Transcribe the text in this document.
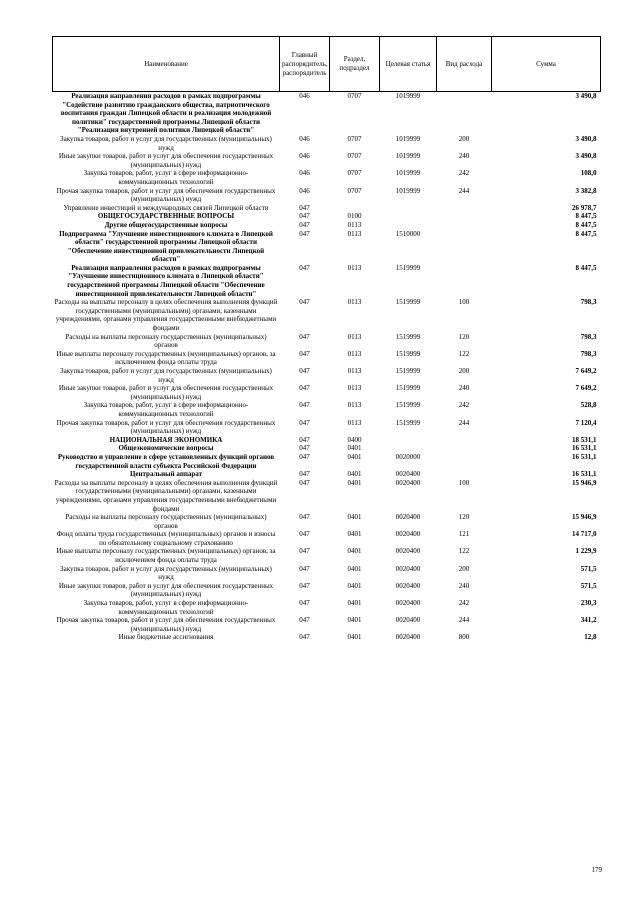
Наименование	Главный распорядитель, распорядитель	Раздел, подраздел	Целевая статья	Вид расхода	Сумма
Реализация направления расходов в рамках подпрограммы "Содействие развитию гражданского общества, патриотического воспитания граждан Липецкой области и реализация молодежной политики" государственной программы Липецкой области "Реализация внутренней политики Липецкой области"	046	0707	1019999		3 490,8
Закупка товаров, работ и услуг для государственных (муниципальных) нужд	046	0707	1019999	200	3 490,8
Иные закупки товаров, работ и услуг для обеспечения государственных (муниципальных) нужд	046	0707	1019999	240	3 490,8
Закупка товаров, работ, услуг в сфере информационно-коммуникационных технологий	046	0707	1019999	242	108,0
Прочая закупка товаров, работ и услуг для обеспечения государственных (муниципальных) нужд	046	0707	1019999	244	3 382,8
Управление инвестиций и международных связей Липецкой области	047				26 978,7
ОБЩЕГОСУДАРСТВЕННЫЕ ВОПРОСЫ	047	0100			8 447,5
Другие общегосударственные вопросы	047	0113			8 447,5
Подпрограмма "Улучшение инвестиционного климата в Липецкой области" государственной программы Липецкой области "Обеспечение инвестиционной привлекательности Липецкой области"	047	0113	1510000		8 447,5
Реализация направления расходов в рамках подпрограммы "Улучшение инвестиционного климата в Липецкой области" государственной программы Липецкой области "Обеспечение инвестиционной привлекательности Липецкой области"	047	0113	1519999		8 447,5
Расходы на выплаты персоналу в целях обеспечения выполнения функций государственными (муниципальными) органами, казенными учреждениями, органами управления государственными внебюджетными фондами	047	0113	1519999	100	798,3
Расходы на выплаты персоналу государственных (муниципальных) органов	047	0113	1519999	120	798,3
Иные выплаты персоналу государственных (муниципальных) органов, за исключением фонда оплаты труда	047	0113	1519999	122	798,3
Закупка товаров, работ и услуг для государственных (муниципальных) нужд	047	0113	1519999	200	7 649,2
Иные закупки товаров, работ и услуг для обеспечения государственных (муниципальных) нужд	047	0113	1519999	240	7 649,2
Закупка товаров, работ, услуг в сфере информационно-коммуникационных технологий	047	0113	1519999	242	528,8
Прочая закупка товаров, работ и услуг для обеспечения государственных (муниципальных) нужд	047	0113	1519999	244	7 120,4
НАЦИОНАЛЬНАЯ ЭКОНОМИКА	047	0400			18 531,1
Общеэкономические вопросы	047	0401			16 531,1
Руководство и управление в сфере установленных функций органов государственной власти субъекта Российской Федерации	047	0401	0020000		16 531,1
Центральный аппарат	047	0401	0020400		16 531,1
Расходы на выплаты персоналу в целях обеспечения выполнения функций государственными (муниципальными) органами, казенными учреждениями, органами управления государственными внебюджетными фондами	047	0401	0020400	100	15 946,9
Расходы на выплаты персоналу государственных (муниципальных) органов	047	0401	0020400	120	15 946,9
Фонд оплаты труда государственных (муниципальных) органов и взносы по обязательному социальному страхованию	047	0401	0020400	121	14 717,0
Иные выплаты персоналу государственных (муниципальных) органов, за исключением фонда оплаты труда	047	0401	0020400	122	1 229,9
Закупка товаров, работ и услуг для государственных (муниципальных) нужд	047	0401	0020400	200	571,5
Иные закупки товаров, работ и услуг для обеспечения государственных (муниципальных) нужд	047	0401	0020400	240	571,5
Закупка товаров, работ, услуг в сфере информационно-коммуникационных технологий	047	0401	0020400	242	230,3
Прочая закупка товаров, работ и услуг для обеспечения государственных (муниципальных) нужд	047	0401	0020400	244	341,2
Иные бюджетные ассигнования	047	0401	0020400	800	12,8
179
